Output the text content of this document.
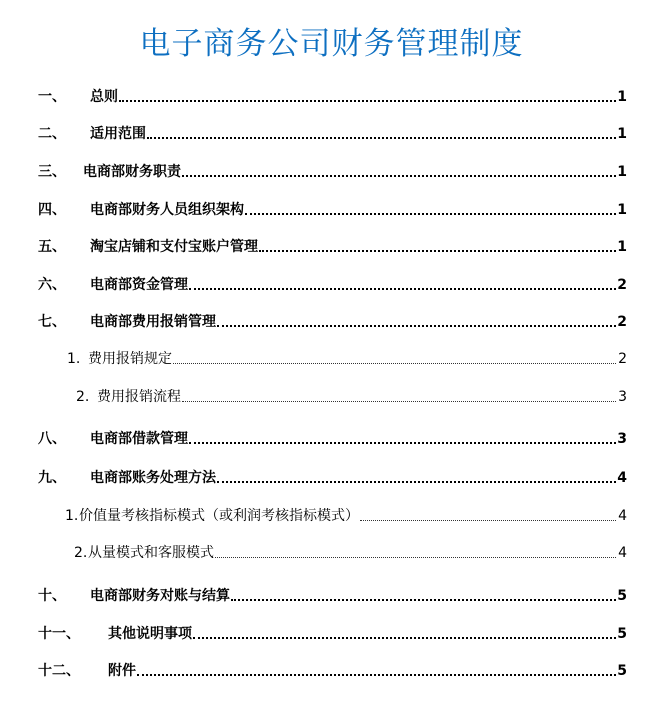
电子商务公司财务管理制度
一、	总则	1
二、	适用范围	1
三、	电商部财务职责	1
四、	电商部财务人员组织架构	1
五、	淘宝店铺和支付宝账户管理	1
六、	电商部资金管理	2
七、	电商部费用报销管理	2
1. 费用报销规定	2
2. 费用报销流程	3
八、	电商部借款管理	3
九、	电商部账务处理方法	4
1. 价值量考核指标模式（或利润考核指标模式）	4
2. 从量模式和客服模式	4
十、	电商部财务对账与结算	5
十一、	其他说明事项	5
十二、	附件	5
